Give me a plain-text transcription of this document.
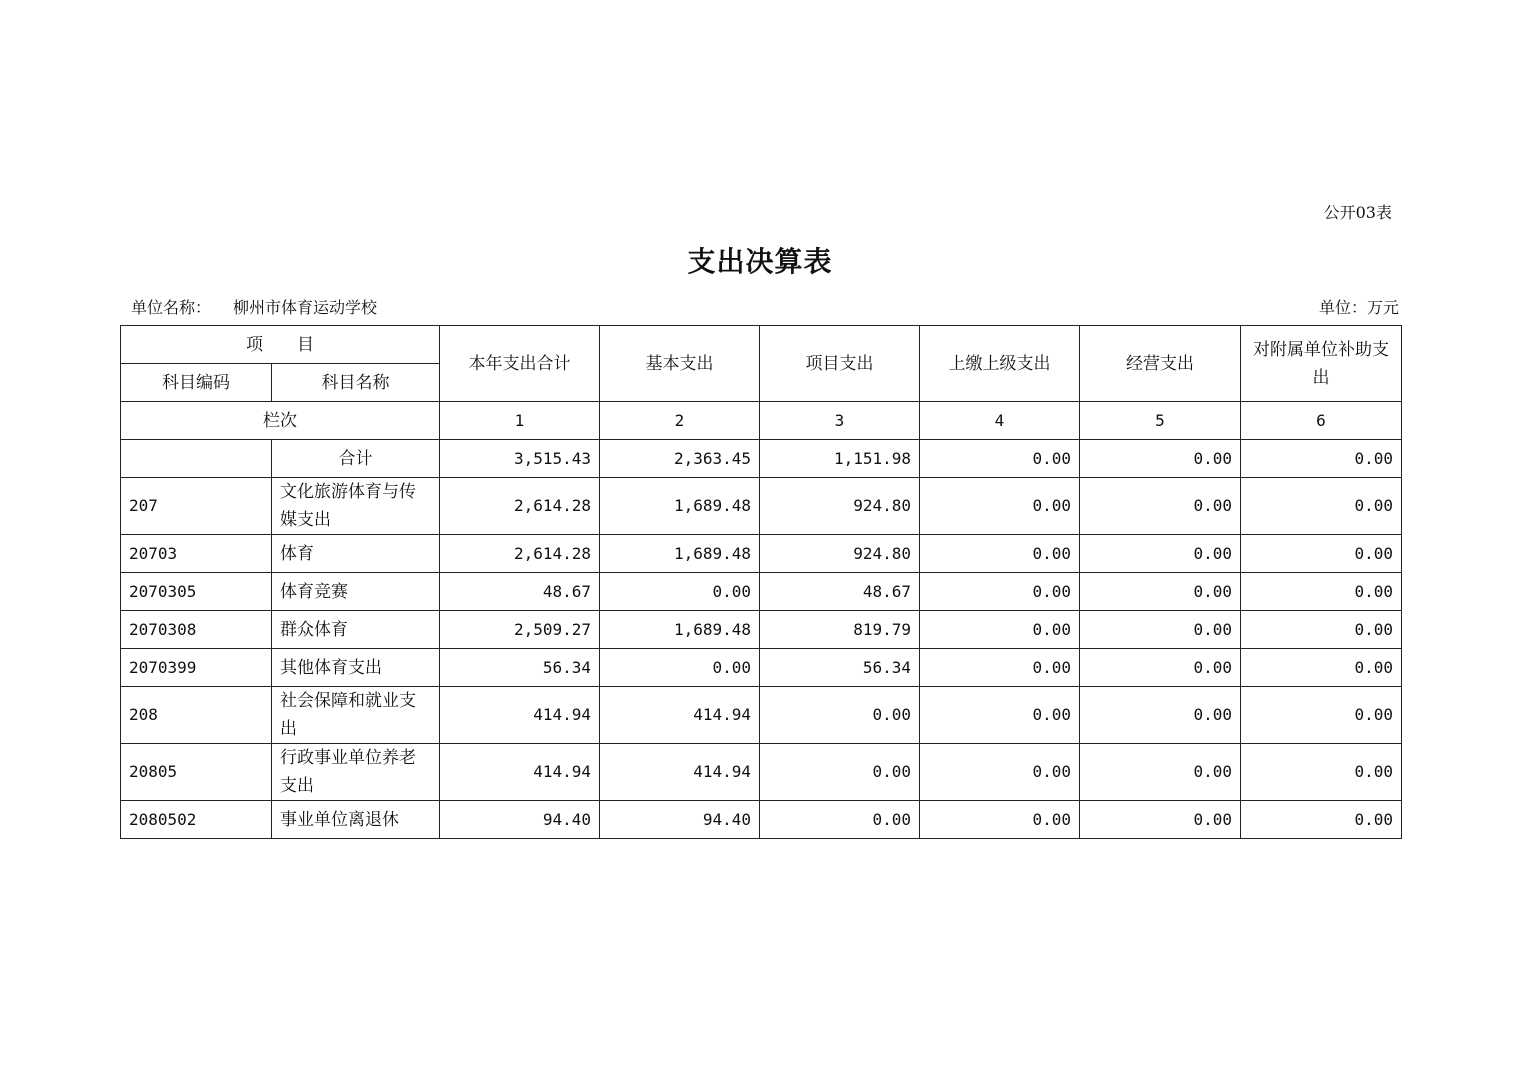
公开03表
支出决算表
单位名称： 柳州市体育运动学校	单位：万元
项　　目		本年支出合计	基本支出	项目支出	上缴上级支出	经营支出	对附属单位补助支出
科目编码	科目名称						
栏次		1	2	3	4	5	6
	合计	3,515.43	2,363.45	1,151.98	0.00	0.00	0.00
207	文化旅游体育与传媒支出	2,614.28	1,689.48	924.80	0.00	0.00	0.00
20703	体育	2,614.28	1,689.48	924.80	0.00	0.00	0.00
2070305	体育竞赛	48.67	0.00	48.67	0.00	0.00	0.00
2070308	群众体育	2,509.27	1,689.48	819.79	0.00	0.00	0.00
2070399	其他体育支出	56.34	0.00	56.34	0.00	0.00	0.00
208	社会保障和就业支出	414.94	414.94	0.00	0.00	0.00	0.00
20805	行政事业单位养老支出	414.94	414.94	0.00	0.00	0.00	0.00
2080502	事业单位离退休	94.40	94.40	0.00	0.00	0.00	0.00
